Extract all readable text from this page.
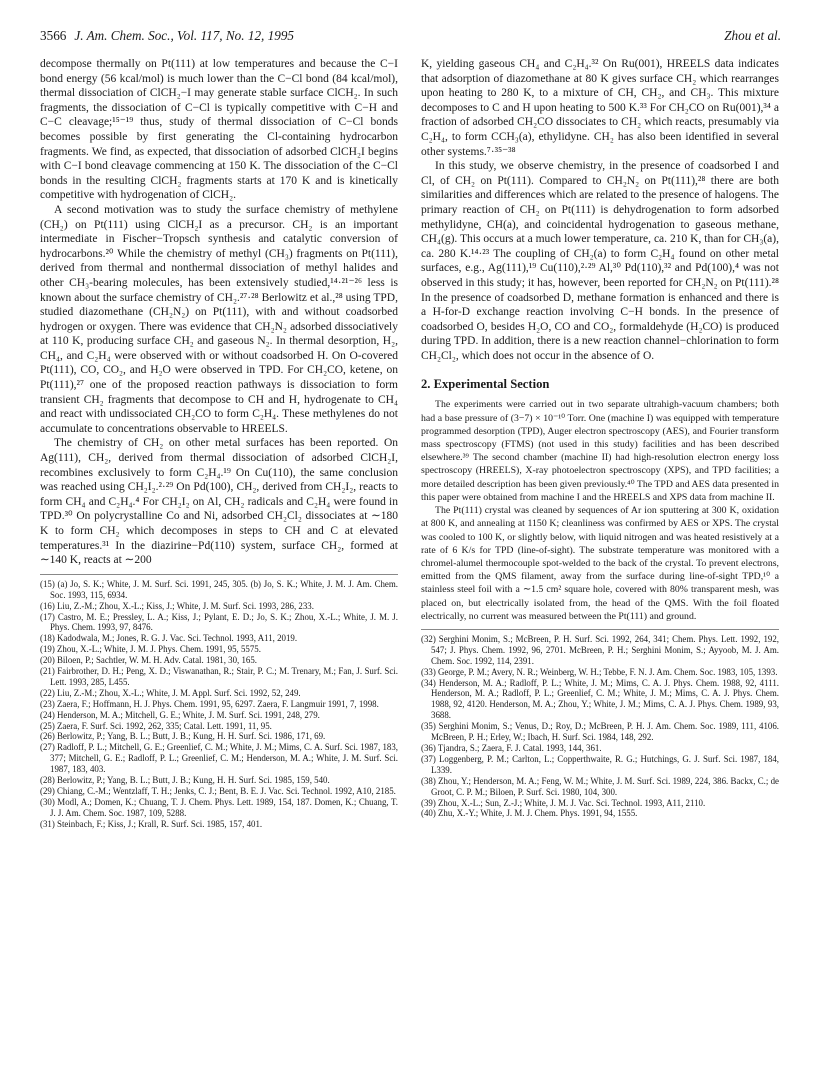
3566 J. Am. Chem. Soc., Vol. 117, No. 12, 1995	Zhou et al.

decompose thermally on Pt(111) at low temperatures and because the C−I bond energy (56 kcal/mol) is much lower than the C−Cl bond (84 kcal/mol), thermal dissociation of ClCH₂−I may generate stable surface ClCH₂. In such fragments, the dissociation of C−Cl is typically competitive with C−H and C−C cleavage;¹⁵⁻¹⁹ thus, study of thermal dissociation of C−Cl bonds becomes possible by first generating the Cl-containing hydrocarbon fragments. We find, as expected, that dissociation of adsorbed ClCH₂I begins with C−I bond cleavage commencing at 150 K. The dissociation of the C−Cl bonds in the resulting ClCH₂ fragments starts at 170 K and is kinetically competitive with hydrogenation of ClCH₂.

A second motivation was to study the surface chemistry of methylene (CH₂) on Pt(111) using ClCH₂I as a precursor. CH₂ is an important intermediate in Fischer−Tropsch synthesis and catalytic conversion of hydrocarbons.²⁰ While the chemistry of methyl (CH₃) fragments on Pt(111), derived from thermal and nonthermal dissociation of methyl halides and other CH₃-bearing molecules, has been extensively studied,¹⁴·²¹⁻²⁶ less is known about the surface chemistry of CH₂.²⁷·²⁸ Berlowitz et al.,²⁸ using TPD, studied diazomethane (CH₂N₂) on Pt(111), with and without coadsorbed hydrogen or oxygen. There was evidence that CH₂N₂ adsorbed dissociatively at 110 K, producing surface CH₂ and gaseous N₂. In thermal desorption, H₂, CH₄, and C₂H₄ were observed with or without coadsorbed H. On O-covered Pt(111), CO, CO₂, and H₂O were observed in TPD. For CH₂CO, ketene, on Pt(111),²⁷ one of the proposed reaction pathways is dissociation to form transient CH₂ fragments that decompose to CH and H, hydrogenate to CH₄ and react with undissociated CH₂CO to form C₂H₄. These methylenes do not accumulate to concentrations observable to HREELS.

The chemistry of CH₂ on other metal surfaces has been reported. On Ag(111), CH₂, derived from thermal dissociation of adsorbed ClCH₂I, recombines exclusively to form C₂H₄.¹⁹ On Cu(110), the same conclusion was reached using CH₂I₂.²·²⁹ On Pd(100), CH₂, derived from CH₂I₂, reacts to form CH₄ and C₂H₄.⁴ For CH₂I₂ on Al, CH₂ radicals and C₂H₄ were found in TPD.³⁰ On polycrystalline Co and Ni, adsorbed CH₂Cl₂ dissociates at ∼180 K to form CH₂ which decomposes in steps to CH and C at elevated temperatures.³¹ In the diazirine−Pd(110) system, surface CH₂, formed at ∼140 K, reacts at ∼200

(15) (a) Jo, S. K.; White, J. M. Surf. Sci. 1991, 245, 305. (b) Jo, S. K.; White, J. M. J. Am. Chem. Soc. 1993, 115, 6934.

(16) Liu, Z.-M.; Zhou, X.-L.; Kiss, J.; White, J. M. Surf. Sci. 1993, 286, 233.

(17) Castro, M. E.; Pressley, L. A.; Kiss, J.; Pylant, E. D.; Jo, S. K.; Zhou, X.-L.; White, J. M. J. Phys. Chem. 1993, 97, 8476.

(18) Kadodwala, M.; Jones, R. G. J. Vac. Sci. Technol. 1993, A11, 2019.

(19) Zhou, X.-L.; White, J. M. J. Phys. Chem. 1991, 95, 5575.

(20) Biloen, P.; Sachtler, W. M. H. Adv. Catal. 1981, 30, 165.

(21) Fairbrother, D. H.; Peng, X. D.; Viswanathan, R.; Stair, P. C.; M. Trenary, M.; Fan, J. Surf. Sci. Lett. 1993, 285, L455.

(22) Liu, Z.-M.; Zhou, X.-L.; White, J. M. Appl. Surf. Sci. 1992, 52, 249.

(23) Zaera, F.; Hoffmann, H. J. Phys. Chem. 1991, 95, 6297. Zaera, F. Langmuir 1991, 7, 1998.

(24) Henderson, M. A.; Mitchell, G. E.; White, J. M. Surf. Sci. 1991, 248, 279.

(25) Zaera, F. Surf. Sci. 1992, 262, 335; Catal. Lett. 1991, 11, 95.

(26) Berlowitz, P.; Yang, B. L.; Butt, J. B.; Kung, H. H. Surf. Sci. 1986, 171, 69.

(27) Radloff, P. L.; Mitchell, G. E.; Greenlief, C. M.; White, J. M.; Mims, C. A. Surf. Sci. 1987, 183, 377; Mitchell, G. E.; Radloff, P. L.; Greenlief, C. M.; Henderson, M. A.; White, J. M. Surf. Sci. 1987, 183, 403.

(28) Berlowitz, P.; Yang, B. L.; Butt, J. B.; Kung, H. H. Surf. Sci. 1985, 159, 540.

(29) Chiang, C.-M.; Wentzlaff, T. H.; Jenks, C. J.; Bent, B. E. J. Vac. Sci. Technol. 1992, A10, 2185.

(30) Modl, A.; Domen, K.; Chuang, T. J. Chem. Phys. Lett. 1989, 154, 187. Domen, K.; Chuang, T. J. J. Am. Chem. Soc. 1987, 109, 5288.

(31) Steinbach, F.; Kiss, J.; Krall, R. Surf. Sci. 1985, 157, 401.

K, yielding gaseous CH₄ and C₂H₄.³² On Ru(001), HREELS data indicates that adsorption of diazomethane at 80 K gives surface CH₂ which rearranges upon heating to 280 K, to a mixture of CH, CH₂, and CH₃. This mixture decomposes to C and H upon heating to 500 K.³³ For CH₂CO on Ru(001),³⁴ a fraction of adsorbed CH₂CO dissociates to CH₂ which reacts, presumably via C₂H₄, to form CCH₃(a), ethylidyne. CH₂ has also been identified in several other systems.⁷·³⁵⁻³⁸

In this study, we observe chemistry, in the presence of coadsorbed I and Cl, of CH₂ on Pt(111). Compared to CH₂N₂ on Pt(111),²⁸ there are both similarities and differences which are related to the presence of halogens. The primary reaction of CH₂ on Pt(111) is dehydrogenation to form adsorbed methylidyne, CH(a), and coincidental hydrogenation to gaseous methane, CH₄(g). This occurs at a much lower temperature, ca. 210 K, than for CH₃(a), ca. 280 K.¹⁴·²³ The coupling of CH₂(a) to form C₂H₄ found on other metal surfaces, e.g., Ag(111),¹⁹ Cu(110),²·²⁹ Al,³⁰ Pd(110),³² and Pd(100),⁴ was not observed in this study; it has, however, been reported for CH₂N₂ on Pt(111).²⁸ In the presence of coadsorbed D, methane formation is enhanced and there is a H-for-D exchange reaction involving C−H bonds. In the presence of coadsorbed O, besides H₂O, CO and CO₂, formaldehyde (H₂CO) is produced during TPD. In addition, there is a new reaction channel−chlorination to form CH₂Cl₂, which does not occur in the absence of O.

2. Experimental Section

The experiments were carried out in two separate ultrahigh-vacuum chambers; both had a base pressure of (3−7) × 10⁻¹⁰ Torr. One (machine I) was equipped with temperature programmed desorption (TPD), Auger electron spectroscopy (AES), and Fourier transform mass spectroscopy (FTMS) (not used in this study) facilities and has been described elsewhere.³⁹ The second chamber (machine II) had high-resolution electron energy loss spectroscopy (HREELS), X-ray photoelectron spectroscopy (XPS), and TPD facilities; a more detailed description has been given previously.⁴⁰ The TPD and AES data presented in this paper were obtained from machine I and the HREELS and XPS data from machine II.

The Pt(111) crystal was cleaned by sequences of Ar ion sputtering at 300 K, oxidation at 800 K, and annealing at 1150 K; cleanliness was confirmed by AES or XPS. The crystal was cooled to 100 K, or slightly below, with liquid nitrogen and was heated resistively at a rate of 6 K/s for TPD (line-of-sight). The substrate temperature was monitored with a chromel-alumel thermocouple spot-welded to the back of the crystal. To prevent electrons, emitted from the QMS filament, away from the surface during line-of-sight TPD,¹⁰ a stainless steel foil with a ∼1.5 cm² square hole, covered with 80% transparent mesh, was placed on, but electrically isolated from, the head of the QMS. With the foil floated electrically, no current was measured between the Pt(111) and ground.

(32) Serghini Monim, S.; McBreen, P. H. Surf. Sci. 1992, 264, 341; Chem. Phys. Lett. 1992, 192, 547; J. Phys. Chem. 1992, 96, 2701. McBreen, P. H.; Serghini Monim, S.; Ayyoob, M. J. Am. Chem. Soc. 1992, 114, 2391.

(33) George, P. M.; Avery, N. R.; Weinberg, W. H.; Tebbe, F. N. J. Am. Chem. Soc. 1983, 105, 1393.

(34) Henderson, M. A.; Radloff, P. L.; White, J. M.; Mims, C. A. J. Phys. Chem. 1988, 92, 4111. Henderson, M. A.; Radloff, P. L.; Greenlief, C. M.; White, J. M.; Mims, C. A. J. Phys. Chem. 1988, 92, 4120. Henderson, M. A.; Zhou, Y.; White, J. M.; Mims, C. A. J. Phys. Chem. 1989, 93, 3688.

(35) Serghini Monim, S.; Venus, D.; Roy, D.; McBreen, P. H. J. Am. Chem. Soc. 1989, 111, 4106. McBreen, P. H.; Erley, W.; Ibach, H. Surf. Sci. 1984, 148, 292.

(36) Tjandra, S.; Zaera, F. J. Catal. 1993, 144, 361.

(37) Loggenberg, P. M.; Carlton, L.; Copperthwaite, R. G.; Hutchings, G. J. Surf. Sci. 1987, 184, L339.

(38) Zhou, Y.; Henderson, M. A.; Feng, W. M.; White, J. M. Surf. Sci. 1989, 224, 386. Backx, C.; de Groot, C. P. M.; Biloen, P. Surf. Sci. 1980, 104, 300.

(39) Zhou, X.-L.; Sun, Z.-J.; White, J. M. J. Vac. Sci. Technol. 1993, A11, 2110.

(40) Zhu, X.-Y.; White, J. M. J. Chem. Phys. 1991, 94, 1555.
